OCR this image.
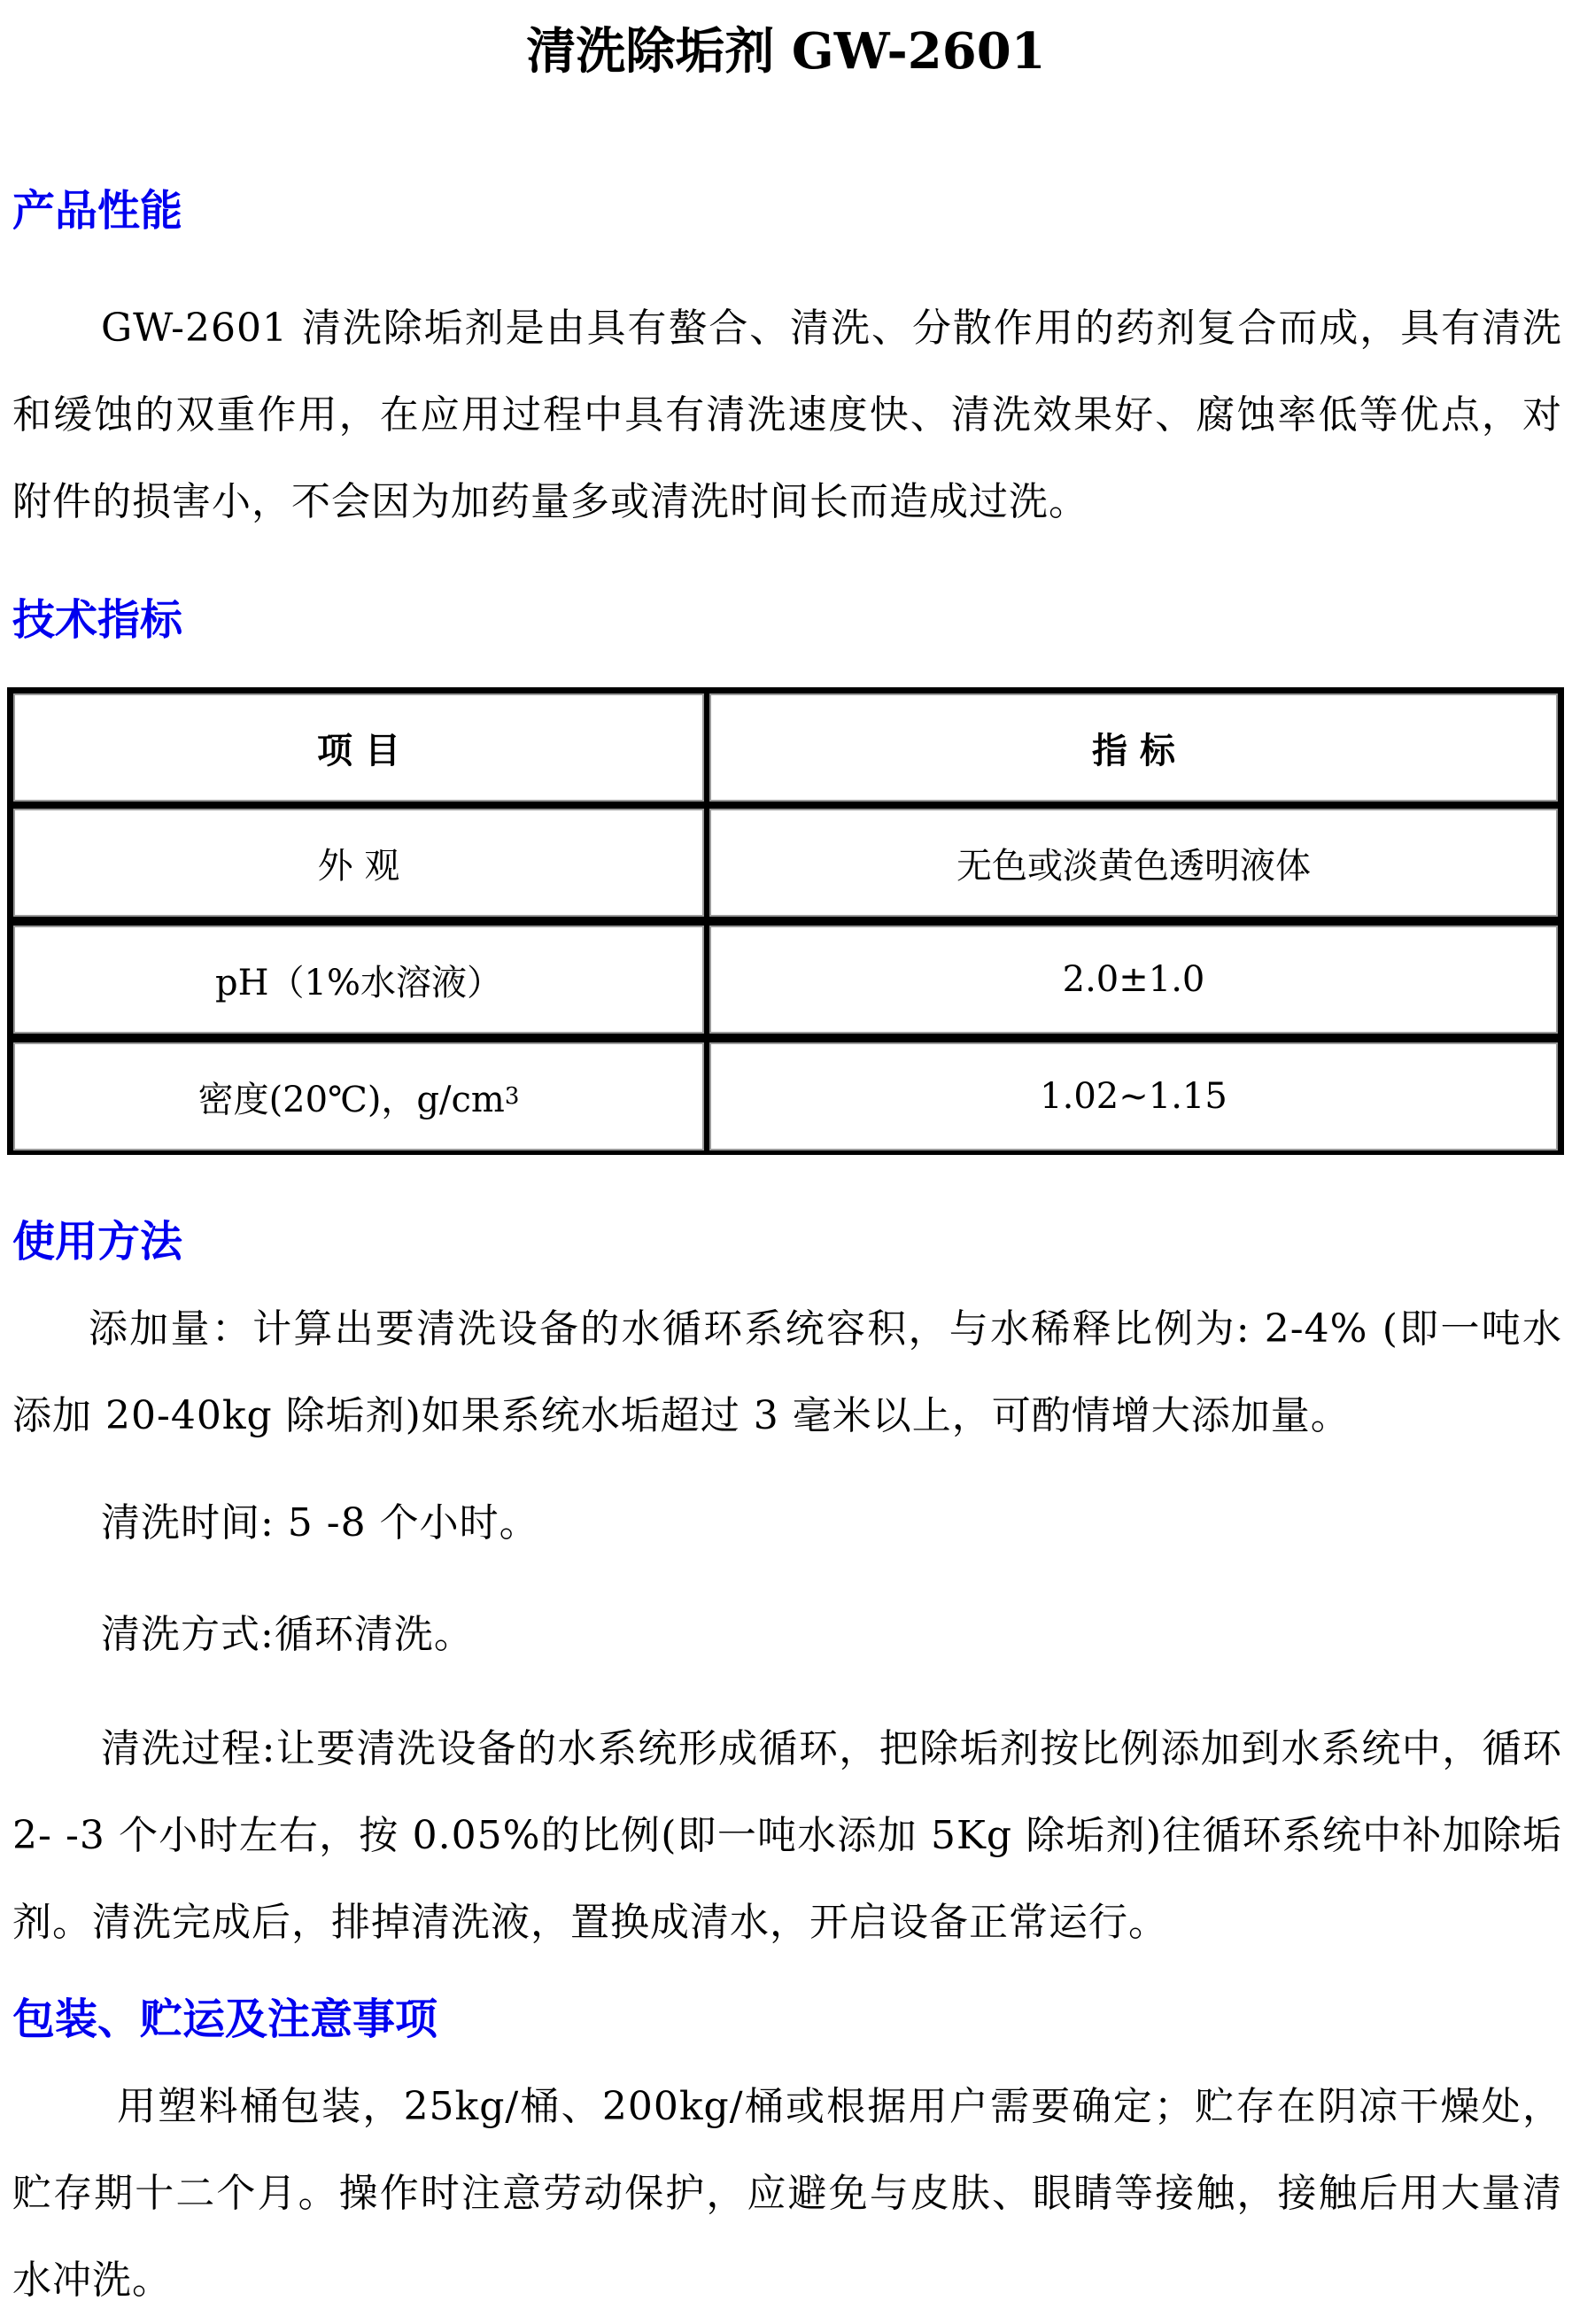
清洗除垢剂 GW-2601
产品性能
GW-2601 清洗除垢剂是由具有螯合、清洗、分散作用的药剂复合而成，具有清洗和缓蚀的双重作用，在应用过程中具有清洗速度快、清洗效果好、腐蚀率低等优点，对附件的损害小，不会因为加药量多或清洗时间长而造成过洗。
技术指标
项 目	指 标
外 观	无色或淡黄色透明液体
pH（1%水溶液）	2.0±1.0
密度(20℃)，g/cm 3	1.02~1.15
使用方法
添加量：计算出要清洗设备的水循环系统容积，与水稀释比例为: 2-4% (即一吨水添加 20-40kg 除垢剂)如果系统水垢超过 3 毫米以上，可酌情增大添加量。
清洗时间: 5 -8 个小时。
清洗方式:循环清洗。
清洗过程:让要清洗设备的水系统形成循环，把除垢剂按比例添加到水系统中，循环 2- -3 个小时左右，按 0.05%的比例(即一吨水添加 5Kg 除垢剂)往循环系统中补加除垢剂。清洗完成后，排掉清洗液，置换成清水，开启设备正常运行。
包装、贮运及注意事项
用塑料桶包装，25kg/桶、200kg/桶或根据用户需要确定；贮存在阴凉干燥处，贮存期十二个月。操作时注意劳动保护，应避免与皮肤、眼睛等接触，接触后用大量清水冲洗。
